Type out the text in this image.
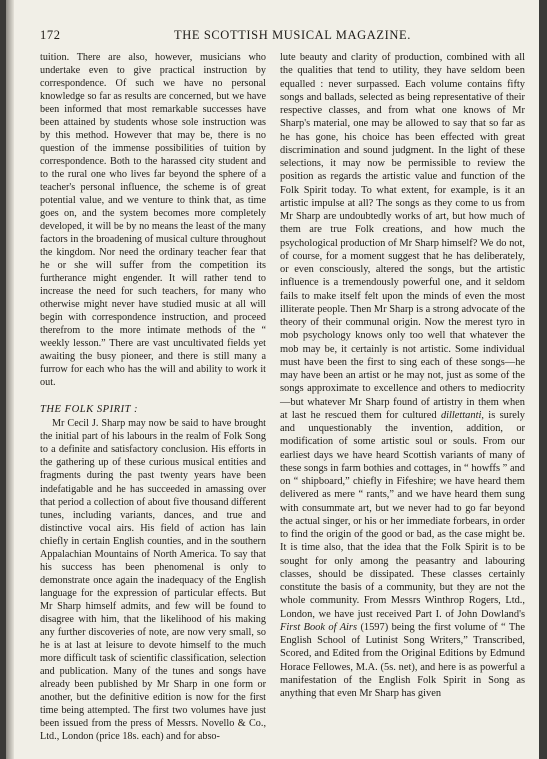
172	THE SCOTTISH MUSICAL MAGAZINE.

tuition. There are also, however, musicians who undertake even to give practical instruction by correspondence. Of such we have no personal knowledge so far as results are concerned, but we have been informed that most remarkable successes have been attained by students whose sole instruction was by this method. However that may be, there is no question of the immense possibilities of tuition by correspondence. Both to the harassed city student and to the rural one who lives far beyond the sphere of a teacher's personal influence, the scheme is of great potential value, and we venture to think that, as time goes on, and the system becomes more completely developed, it will be by no means the least of the many factors in the broadening of musical culture throughout the kingdom. Nor need the ordinary teacher fear that he or she will suffer from the competition its furtherance might engender. It will rather tend to increase the need for such teachers, for many who otherwise might never have studied music at all will begin with correspondence instruction, and proceed therefrom to the more intimate methods of the “ weekly lesson.” There are vast uncultivated fields yet awaiting the busy pioneer, and there is still many a furrow for each who has the will and ability to work it out.

THE FOLK SPIRIT :

Mr Cecil J. Sharp may now be said to have brought the initial part of his labours in the realm of Folk Song to a definite and satisfactory conclusion. His efforts in the gathering up of these curious musical entities and fragments during the past twenty years have been indefatigable and he has succeeded in amassing over that period a collection of about five thousand different tunes, including variants, dances, and true and distinctive vocal airs. His field of action has lain chiefly in certain English counties, and in the southern Appalachian Mountains of North America. To say that his success has been phenomenal is only to demonstrate once again the inadequacy of the English language for the expression of particular effects. But Mr Sharp himself admits, and few will be found to disagree with him, that the likelihood of his making any further discoveries of note, are now very small, so he is at last at leisure to devote himself to the much more difficult task of scientific classification, selection and publication. Many of the tunes and songs have already been published by Mr Sharp in one form or another, but the definitive edition is now for the first time being attempted. The first two volumes have just been issued from the press of Messrs. Novello & Co., Ltd., London (price 18s. each) and for abso-

lute beauty and clarity of production, combined with all the qualities that tend to utility, they have seldom been equalled : never surpassed. Each volume contains fifty songs and ballads, selected as being representative of their respective classes, and from what one knows of Mr Sharp's material, one may be allowed to say that so far as he has gone, his choice has been effected with great discrimination and sound judgment. In the light of these selections, it may now be permissible to review the position as regards the artistic value and function of the Folk Spirit today. To what extent, for example, is it an artistic impulse at all? The songs as they come to us from Mr Sharp are undoubtedly works of art, but how much of them are true Folk creations, and how much the psychological production of Mr Sharp himself? We do not, of course, for a moment suggest that he has deliberately, or even consciously, altered the songs, but the artistic influence is a tremendously powerful one, and it seldom fails to make itself felt upon the minds of even the most illiterate people. Then Mr Sharp is a strong advocate of the theory of their communal origin. Now the merest tyro in mob psychology knows only too well that whatever the mob may be, it certainly is not artistic. Some individual must have been the first to sing each of these songs—he may have been an artist or he may not, just as some of the songs approximate to excellence and others to mediocrity—but whatever Mr Sharp found of artistry in them when at last he rescued them for cultured dillettanti, is surely and unquestionably the invention, addition, or modification of some artistic soul or souls. From our earliest days we have heard Scottish variants of many of these songs in farm bothies and cottages, in “ howffs ” and on “ shipboard,” chiefly in Fifeshire; we have heard them delivered as mere “ rants,” and we have heard them sung with consummate art, but we never had to go far beyond the actual singer, or his or her immediate forbears, in order to find the origin of the good or bad, as the case might be. It is time also, that the idea that the Folk Spirit is to be sought for only among the peasantry and labouring classes, should be dissipated. These classes certainly constitute the basis of a community, but they are not the whole community. From Messrs Winthrop Rogers, Ltd., London, we have just received Part I. of John Dowland's First Book of Airs (1597) being the first volume of “ The English School of Lutinist Song Writers,” Transcribed, Scored, and Edited from the Original Editions by Edmund Horace Fellowes, M.A. (5s. net), and here is as powerful a manifestation of the English Folk Spirit in Song as anything that even Mr Sharp has given
